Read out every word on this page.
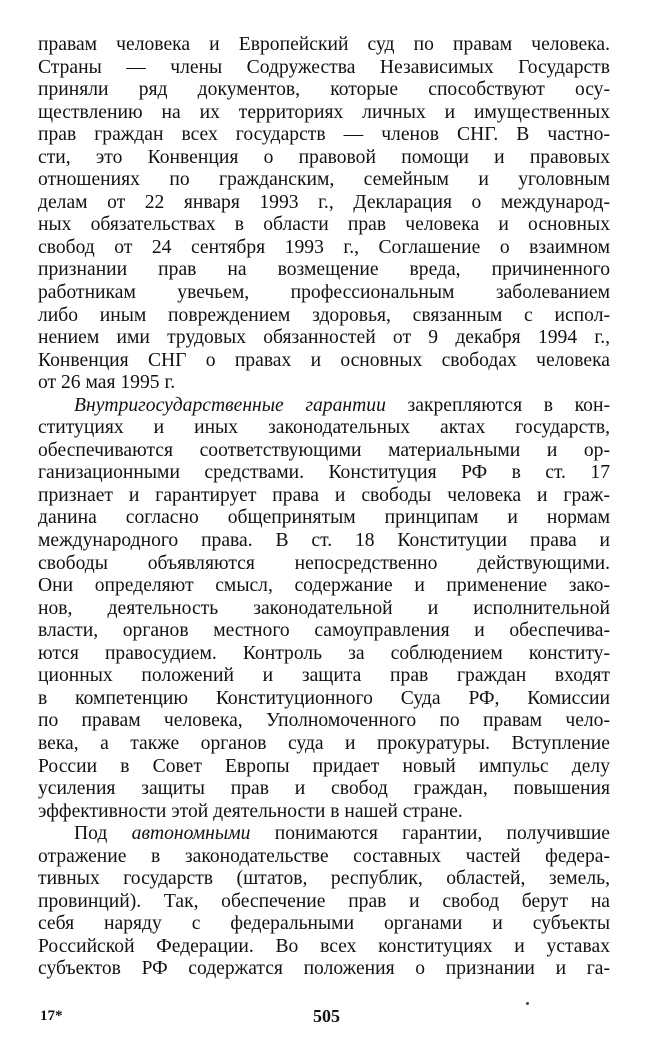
правам человека и Европейский суд по правам человека.
Страны — члены Содружества Независимых Государств
приняли ряд документов, которые способствуют осу-
ществлению на их территориях личных и имущественных
прав граждан всех государств — членов СНГ. В частно-
сти, это Конвенция о правовой помощи и правовых
отношениях по гражданским, семейным и уголовным
делам от 22 января 1993 г., Декларация о международ-
ных обязательствах в области прав человека и основных
свобод от 24 сентября 1993 г., Соглашение о взаимном
признании прав на возмещение вреда, причиненного
работникам увечьем, профессиональным заболеванием
либо иным повреждением здоровья, связанным с испол-
нением ими трудовых обязанностей от 9 декабря 1994 г.,
Конвенция СНГ о правах и основных свободах человека
от 26 мая 1995 г.
Внутригосударственные гарантии закрепляются в кон-
ституциях и иных законодательных актах государств,
обеспечиваются соответствующими материальными и ор-
ганизационными средствами. Конституция РФ в ст. 17
признает и гарантирует права и свободы человека и граж-
данина согласно общепринятым принципам и нормам
международного права. В ст. 18 Конституции права и
свободы объявляются непосредственно действующими.
Они определяют смысл, содержание и применение зако-
нов, деятельность законодательной и исполнительной
власти, органов местного самоуправления и обеспечива-
ются правосудием. Контроль за соблюдением конститу-
ционных положений и защита прав граждан входят
в компетенцию Конституционного Суда РФ, Комиссии
по правам человека, Уполномоченного по правам чело-
века, а также органов суда и прокуратуры. Вступление
России в Совет Европы придает новый импульс делу
усиления защиты прав и свобод граждан, повышения
эффективности этой деятельности в нашей стране.
Под автономными понимаются гарантии, получившие
отражение в законодательстве составных частей федера-
тивных государств (штатов, республик, областей, земель,
провинций). Так, обеспечение прав и свобод берут на
себя наряду с федеральными органами и субъекты
Российской Федерации. Во всех конституциях и уставах
субъектов РФ содержатся положения о признании и га-
17*	505
